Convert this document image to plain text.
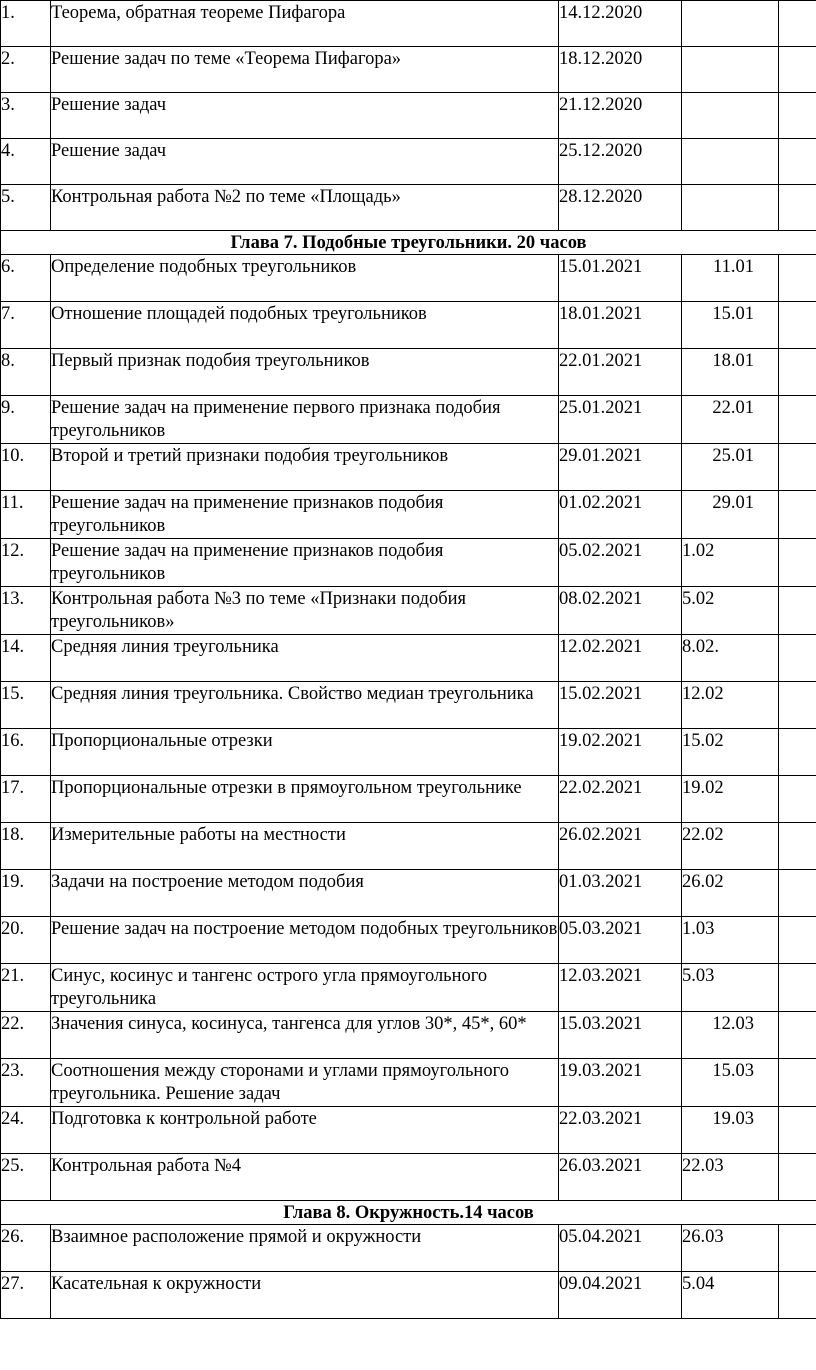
1.	Теорема, обратная теореме Пифагора	14.12.2020		
2.	Решение задач по теме «Теорема Пифагора»	18.12.2020		
3.	Решение задач	21.12.2020		
4.	Решение задач	25.12.2020		
5.	Контрольная работа №2 по теме «Площадь»	28.12.2020		
Глава 7. Подобные треугольники. 20 часов				
6.	Определение подобных треугольников	15.01.2021	11.01	
7.	Отношение площадей подобных треугольников	18.01.2021	15.01	
8.	Первый признак подобия треугольников	22.01.2021	18.01	
9.	Решение задач на применение первого признака подобия треугольников	25.01.2021	22.01	
10.	Второй и третий признаки подобия треугольников	29.01.2021	25.01	
11.	Решение задач на применение признаков подобия треугольников	01.02.2021	29.01	
12.	Решение задач на применение признаков подобия треугольников	05.02.2021	1.02	
13.	Контрольная работа №3 по теме «Признаки подобия треугольников»	08.02.2021	5.02	
14.	Средняя линия треугольника	12.02.2021	8.02.	
15.	Средняя линия треугольника. Свойство медиан треугольника	15.02.2021	12.02	
16.	Пропорциональные отрезки	19.02.2021	15.02	
17.	Пропорциональные отрезки в прямоугольном треугольнике	22.02.2021	19.02	
18.	Измерительные работы на местности	26.02.2021	22.02	
19.	Задачи на построение методом подобия	01.03.2021	26.02	
20.	Решение задач на построение методом подобных треугольников	05.03.2021	1.03	
21.	Синус, косинус и тангенс острого угла прямоугольного треугольника	12.03.2021	5.03	
22.	Значения синуса, косинуса, тангенса для углов 30*, 45*, 60*	15.03.2021	12.03	
23.	Соотношения между сторонами и углами прямоугольного треугольника. Решение задач	19.03.2021	15.03	
24.	Подготовка к контрольной работе	22.03.2021	19.03	
25.	Контрольная работа №4	26.03.2021	22.03	
Глава 8. Окружность.14 часов				
26.	Взаимное расположение прямой и окружности	05.04.2021	26.03	
27.	Касательная к окружности	09.04.2021	5.04	
